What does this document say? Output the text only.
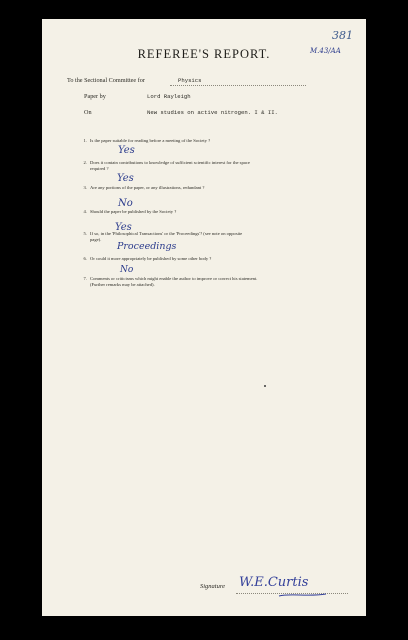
381
M.43/AA
REFEREE'S REPORT.
To the Sectional Committee for	Physics
Paper by	Lord Rayleigh
On	New studies on active nitrogen. I & II.
1. Is the paper suitable for reading before a meeting of the Society ?
Yes
2. Does it contain contributions to knowledge of sufficient scientific interest for the space
required ?
Yes
3. Are any portions of the paper, or any illustrations, redundant ?
No
4. Should the paper be published by the Society ?
Yes
5. If so, in the 'Philosophical Transactions' or the 'Proceedings'? (see note on opposite
page).
Proceedings
6. Or could it more appropriately be published by some other body ?
No
7. Comments or criticisms which might enable the author to improve or correct his statement.
(Further remarks may be attached).
Signature W.E.Curtis
